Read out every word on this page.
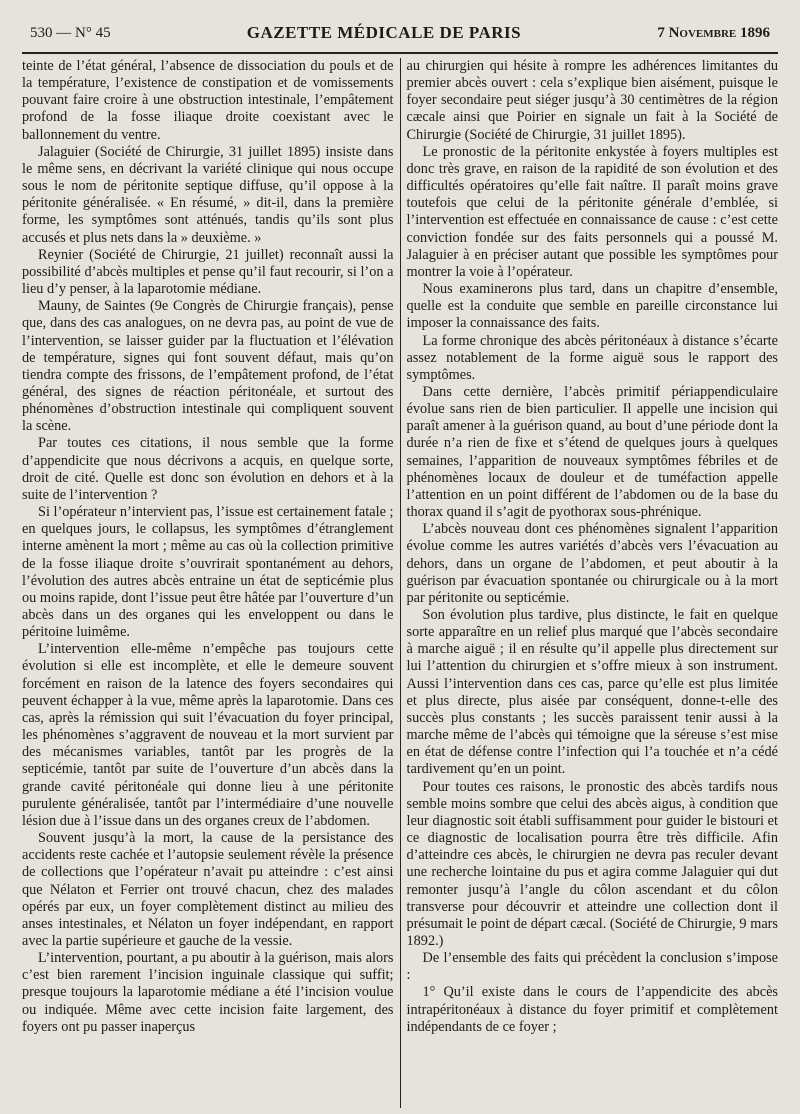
530 — N° 45	GAZETTE MÉDICALE DE PARIS	7 Novembre 1896

teinte de l’état général, l’absence de dissociation du pouls et de la température, l’existence de constipation et de vomissements pouvant faire croire à une obstruction intestinale, l’empâtement profond de la fosse iliaque droite coexistant avec le ballonnement du ventre.

Jalaguier (Société de Chirurgie, 31 juillet 1895) insiste dans le même sens, en décrivant la variété clinique qui nous occupe sous le nom de péritonite septique diffuse, qu’il oppose à la péritonite généralisée. « En résumé, » dit-il, dans la première forme, les symptômes sont atténués, tandis qu’ils sont plus accusés et plus nets dans la » deuxième. »

Reynier (Société de Chirurgie, 21 juillet) reconnaît aussi la possibilité d’abcès multiples et pense qu’il faut recourir, si l’on a lieu d’y penser, à la laparotomie médiane.

Mauny, de Saintes (9e Congrès de Chirurgie français), pense que, dans des cas analogues, on ne devra pas, au point de vue de l’intervention, se laisser guider par la fluctuation et l’élévation de température, signes qui font souvent défaut, mais qu’on tiendra compte des frissons, de l’empâtement profond, de l’état général, des signes de réaction péritonéale, et surtout des phénomènes d’obstruction intestinale qui compliquent souvent la scène.

Par toutes ces citations, il nous semble que la forme d’appendicite que nous décrivons a acquis, en quelque sorte, droit de cité. Quelle est donc son évolution en dehors et à la suite de l’intervention ?

Si l’opérateur n’intervient pas, l’issue est certainement fatale ; en quelques jours, le collapsus, les symptômes d’étranglement interne amènent la mort ; même au cas où la collection primitive de la fosse iliaque droite s’ouvrirait spontanément au dehors, l’évolution des autres abcès entraine un état de septicémie plus ou moins rapide, dont l’issue peut être hâtée par l’ouverture d’un abcès dans un des organes qui les enveloppent ou dans le péritoine luimême.

L’intervention elle-même n’empêche pas toujours cette évolution si elle est incomplète, et elle le demeure souvent forcément en raison de la latence des foyers secondaires qui peuvent échapper à la vue, même après la laparotomie. Dans ces cas, après la rémission qui suit l’évacuation du foyer principal, les phénomènes s’aggravent de nouveau et la mort survient par des mécanismes variables, tantôt par les progrès de la septicémie, tantôt par suite de l’ouverture d’un abcès dans la grande cavité péritonéale qui donne lieu à une péritonite purulente généralisée, tantôt par l’intermédiaire d’une nouvelle lésion due à l’issue dans un des organes creux de l’abdomen.

Souvent jusqu’à la mort, la cause de la persistance des accidents reste cachée et l’autopsie seulement révèle la présence de collections que l’opérateur n’avait pu atteindre : c’est ainsi que Nélaton et Ferrier ont trouvé chacun, chez des malades opérés par eux, un foyer complètement distinct au milieu des anses intestinales, et Nélaton un foyer indépendant, en rapport avec la partie supérieure et gauche de la vessie.

L’intervention, pourtant, a pu aboutir à la guérison, mais alors c’est bien rarement l’incision inguinale classique qui suffit; presque toujours la laparotomie médiane a été l’incision voulue ou indiquée. Même avec cette incision faite largement, des foyers ont pu passer inaperçus

au chirurgien qui hésite à rompre les adhérences limitantes du premier abcès ouvert : cela s’explique bien aisément, puisque le foyer secondaire peut siéger jusqu’à 30 centimètres de la région cæcale ainsi que Poirier en signale un fait à la Société de Chirurgie (Société de Chirurgie, 31 juillet 1895).

Le pronostic de la péritonite enkystée à foyers multiples est donc très grave, en raison de la rapidité de son évolution et des difficultés opératoires qu’elle fait naître. Il paraît moins grave toutefois que celui de la péritonite générale d’emblée, si l’intervention est effectuée en connaissance de cause : c’est cette conviction fondée sur des faits personnels qui a poussé M. Jalaguier à en préciser autant que possible les symptômes pour montrer la voie à l’opérateur.

Nous examinerons plus tard, dans un chapitre d’ensemble, quelle est la conduite que semble en pareille circonstance lui imposer la connaissance des faits.

La forme chronique des abcès péritonéaux à distance s’écarte assez notablement de la forme aiguë sous le rapport des symptômes.

Dans cette dernière, l’abcès primitif périappendiculaire évolue sans rien de bien particulier. Il appelle une incision qui paraît amener à la guérison quand, au bout d’une période dont la durée n’a rien de fixe et s’étend de quelques jours à quelques semaines, l’apparition de nouveaux symptômes fébriles et de phénomènes locaux de douleur et de tuméfaction appelle l’attention en un point différent de l’abdomen ou de la base du thorax quand il s’agit de pyothorax sous-phrénique.

L’abcès nouveau dont ces phénomènes signalent l’apparition évolue comme les autres variétés d’abcès vers l’évacuation au dehors, dans un organe de l’abdomen, et peut aboutir à la guérison par évacuation spontanée ou chirurgicale ou à la mort par péritonite ou septicémie.

Son évolution plus tardive, plus distincte, le fait en quelque sorte apparaître en un relief plus marqué que l’abcès secondaire à marche aiguë ; il en résulte qu’il appelle plus directement sur lui l’attention du chirurgien et s’offre mieux à son instrument. Aussi l’intervention dans ces cas, parce qu’elle est plus limitée et plus directe, plus aisée par conséquent, donne-t-elle des succès plus constants ; les succès paraissent tenir aussi à la marche même de l’abcès qui témoigne que la séreuse s’est mise en état de défense contre l’infection qui l’a touchée et n’a cédé tardivement qu’en un point.

Pour toutes ces raisons, le pronostic des abcès tardifs nous semble moins sombre que celui des abcès aigus, à condition que leur diagnostic soit établi suffisamment pour guider le bistouri et ce diagnostic de localisation pourra être très difficile. Afin d’atteindre ces abcès, le chirurgien ne devra pas reculer devant une recherche lointaine du pus et agira comme Jalaguier qui dut remonter jusqu’à l’angle du côlon ascendant et du côlon transverse pour découvrir et atteindre une collection dont il présumait le point de départ cæcal. (Société de Chirurgie, 9 mars 1892.)

De l’ensemble des faits qui précèdent la conclusion s’impose :

1° Qu’il existe dans le cours de l’appendicite des abcès intrapéritonéaux à distance du foyer primitif et complètement indépendants de ce foyer ;
